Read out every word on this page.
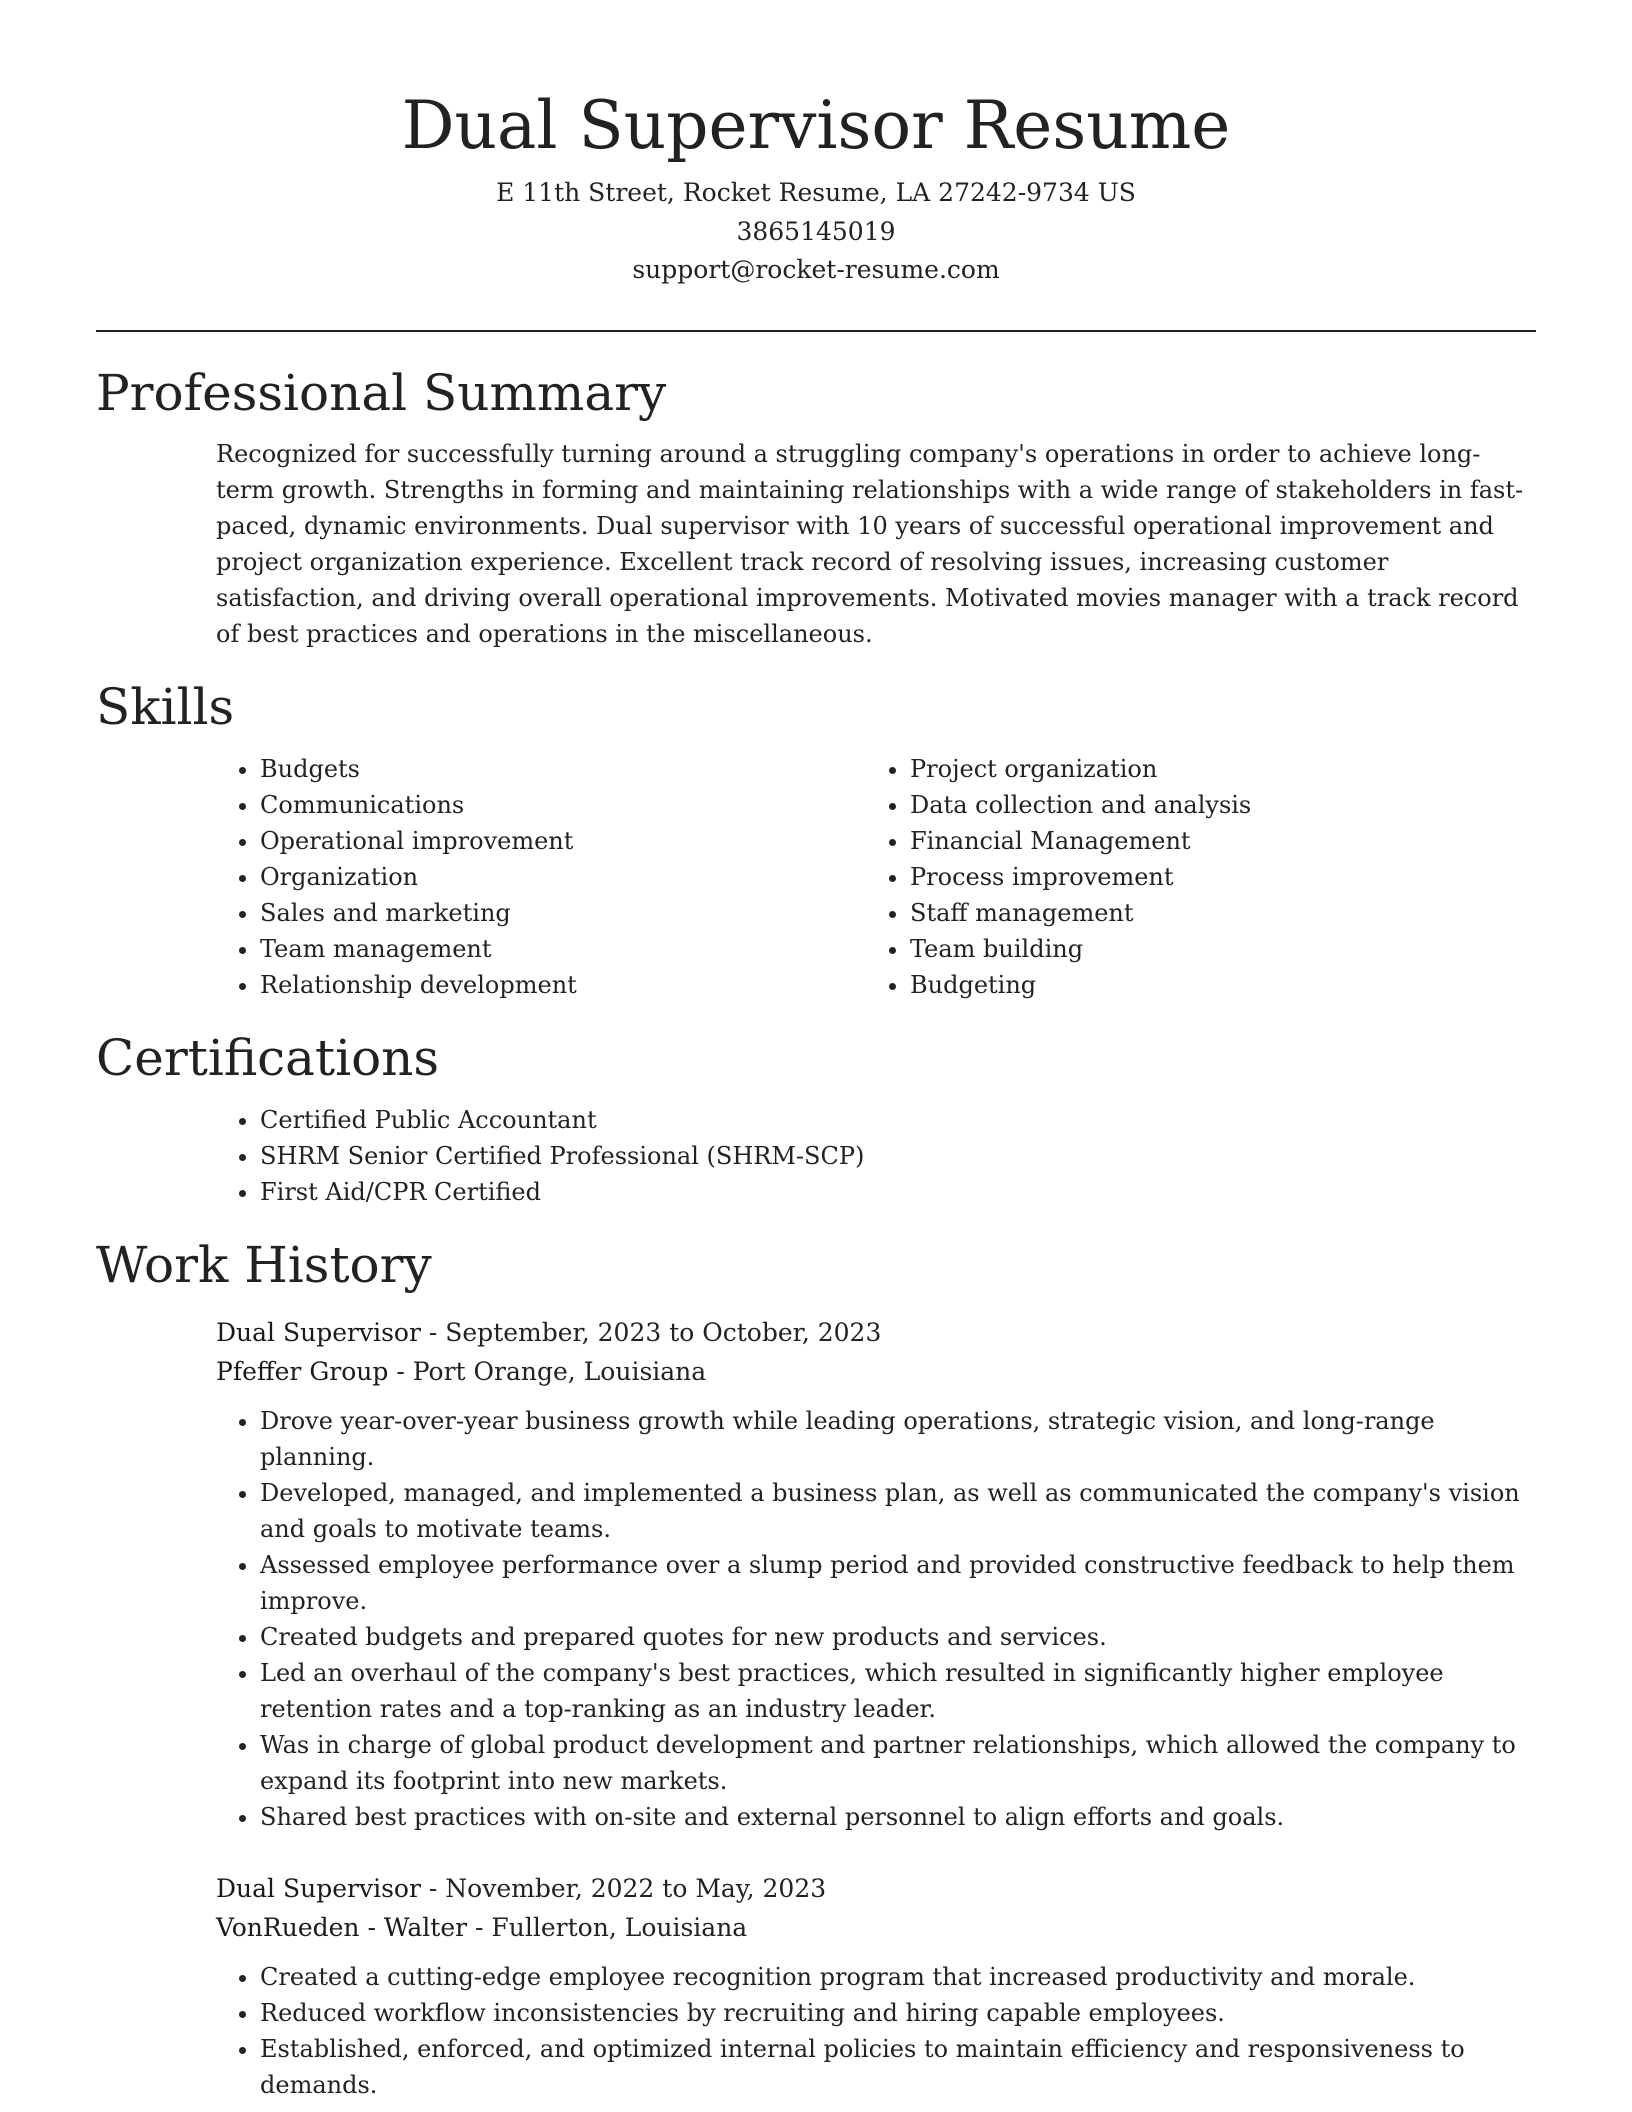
Dual Supervisor Resume
E 11th Street, Rocket Resume, LA 27242-9734 US
3865145019
support@rocket-resume.com
Professional Summary
Recognized for successfully turning around a struggling company's operations in order to achieve long-term growth. Strengths in forming and maintaining relationships with a wide range of stakeholders in fast-paced, dynamic environments. Dual supervisor with 10 years of successful operational improvement and project organization experience. Excellent track record of resolving issues, increasing customer satisfaction, and driving overall operational improvements. Motivated movies manager with a track record of best practices and operations in the miscellaneous.
Skills
• Budgets
• Communications
• Operational improvement
• Organization
• Sales and marketing
• Team management
• Relationship development
• Project organization
• Data collection and analysis
• Financial Management
• Process improvement
• Staff management
• Team building
• Budgeting
Certifications
• Certified Public Accountant
• SHRM Senior Certified Professional (SHRM-SCP)
• First Aid/CPR Certified
Work History
Dual Supervisor - September, 2023 to October, 2023
Pfeffer Group - Port Orange, Louisiana
• Drove year-over-year business growth while leading operations, strategic vision, and long-range planning.
• Developed, managed, and implemented a business plan, as well as communicated the company's vision and goals to motivate teams.
• Assessed employee performance over a slump period and provided constructive feedback to help them improve.
• Created budgets and prepared quotes for new products and services.
• Led an overhaul of the company's best practices, which resulted in significantly higher employee retention rates and a top-ranking as an industry leader.
• Was in charge of global product development and partner relationships, which allowed the company to expand its footprint into new markets.
• Shared best practices with on-site and external personnel to align efforts and goals.
Dual Supervisor - November, 2022 to May, 2023
VonRueden - Walter - Fullerton, Louisiana
• Created a cutting-edge employee recognition program that increased productivity and morale.
• Reduced workflow inconsistencies by recruiting and hiring capable employees.
• Established, enforced, and optimized internal policies to maintain efficiency and responsiveness to demands.
